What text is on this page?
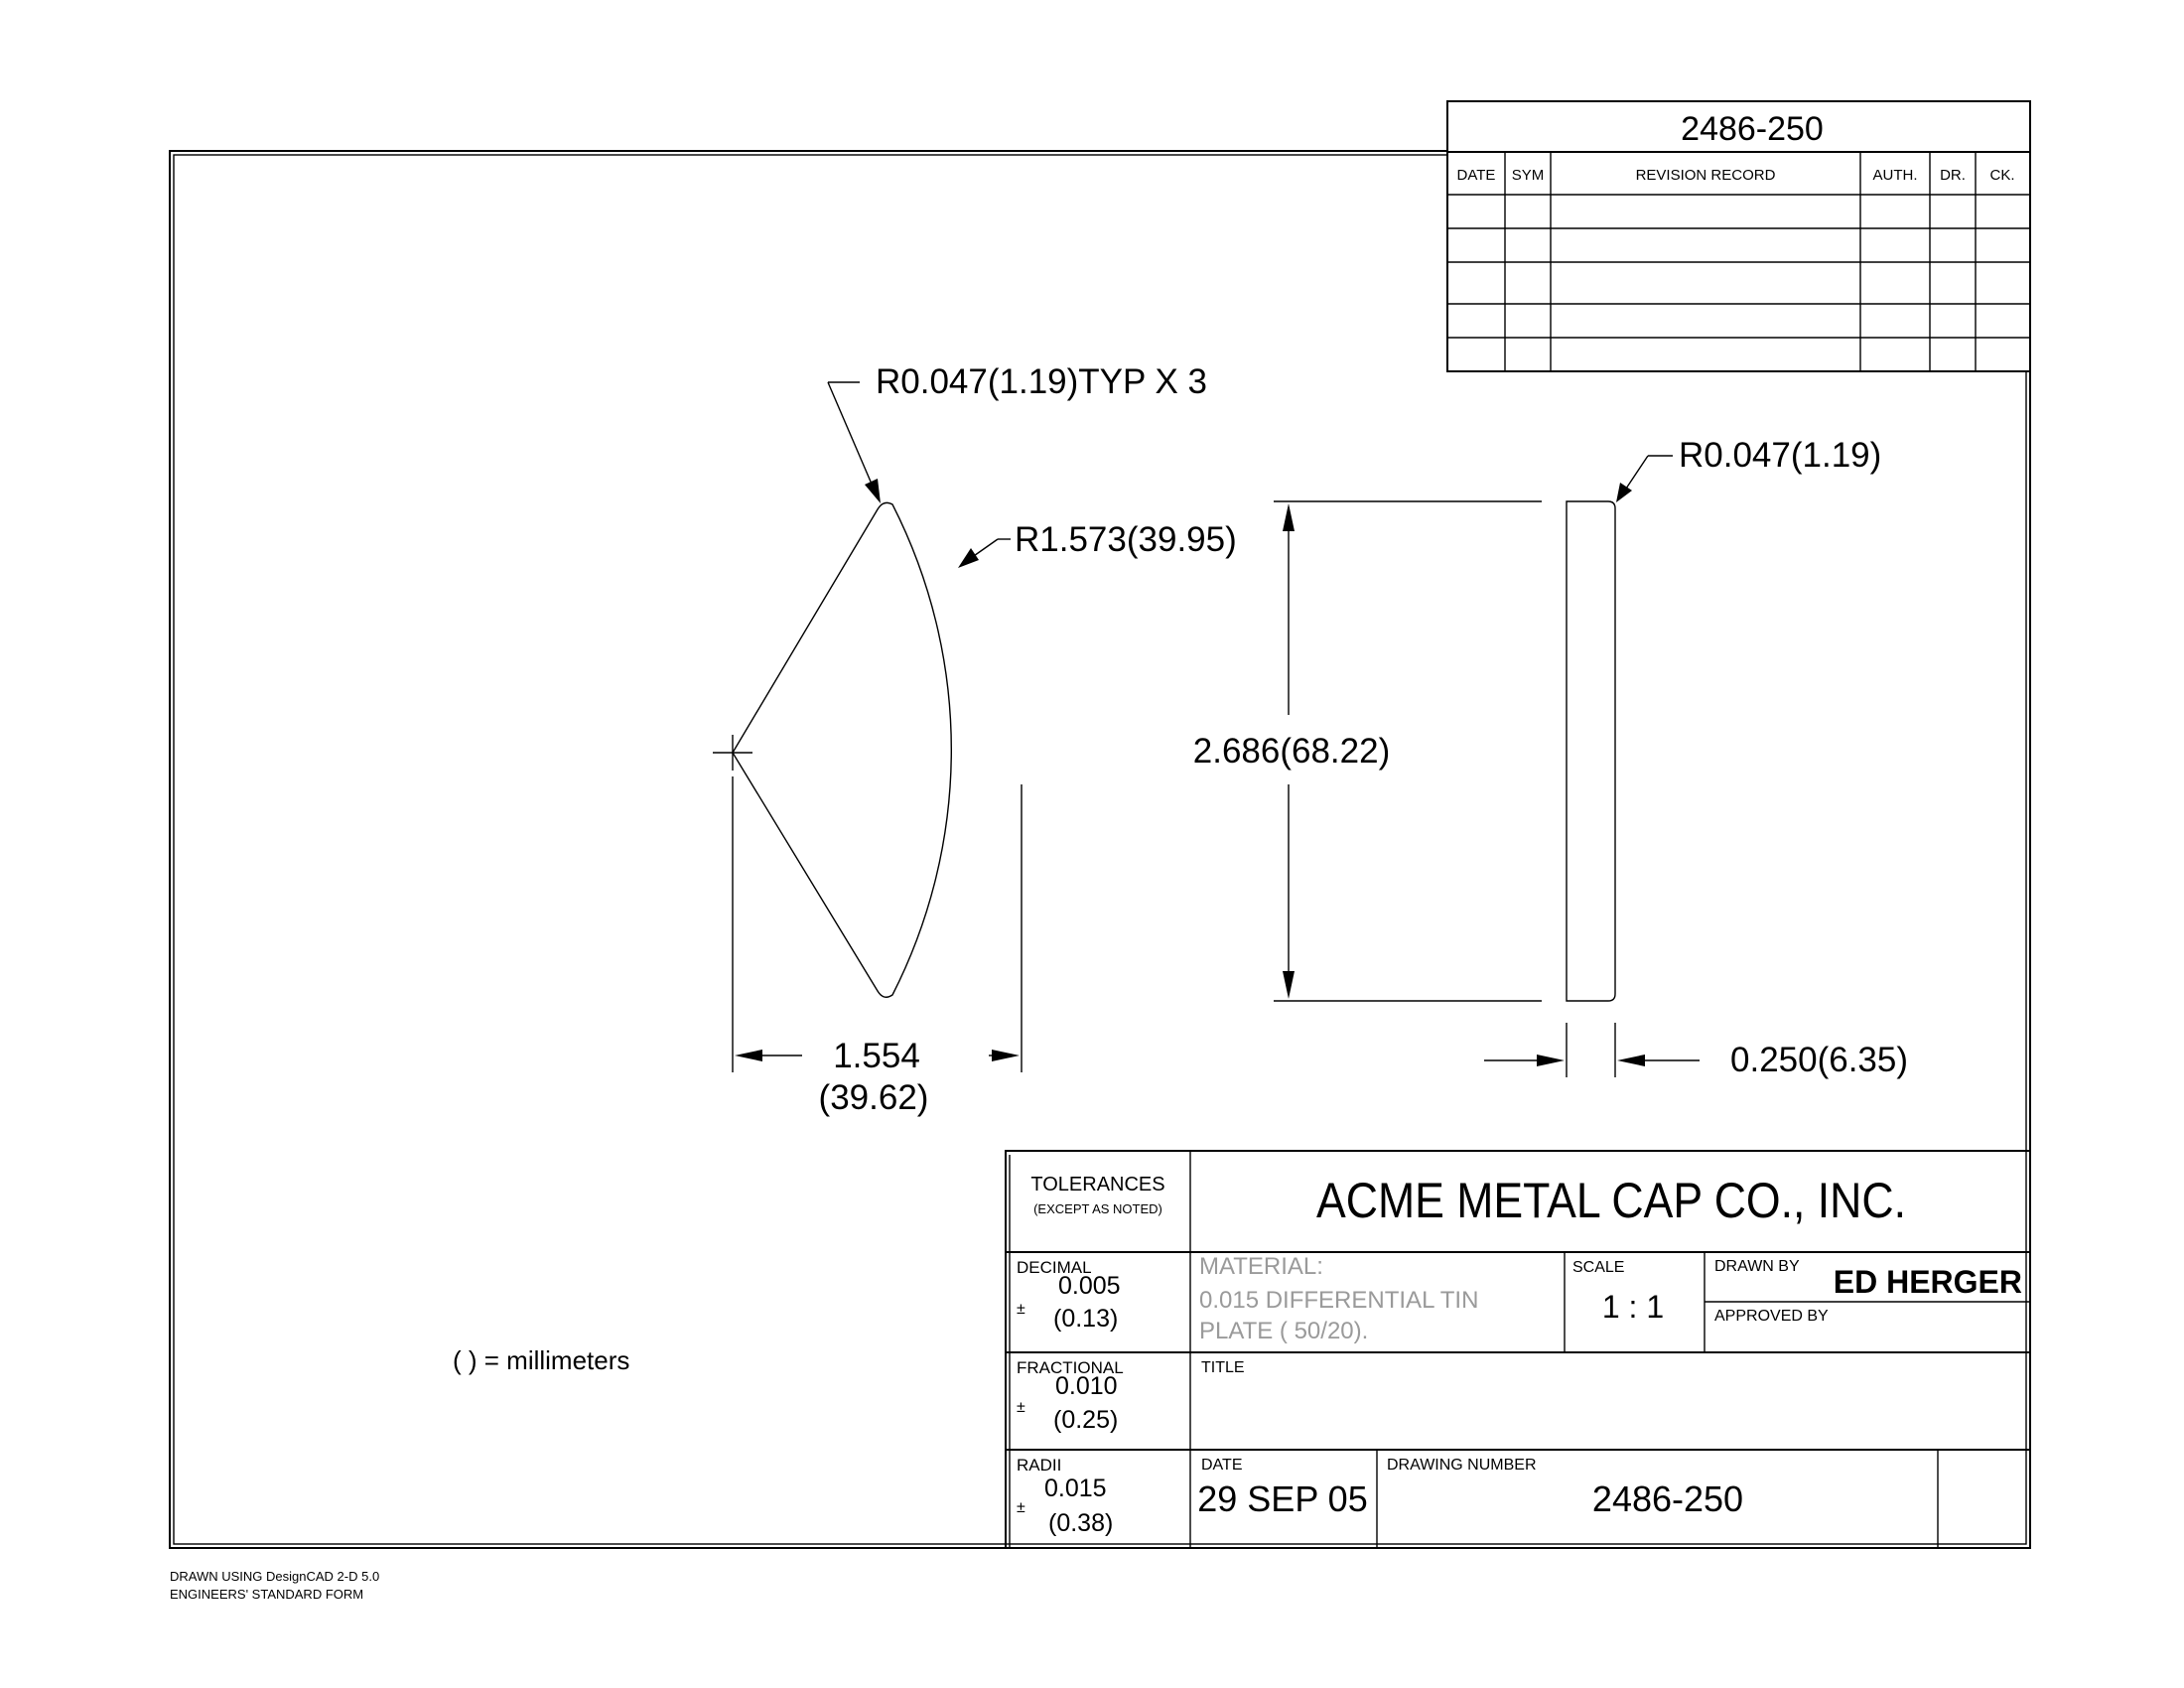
2486-250
DATE SYM	REVISION RECORD	AUTH. DR. CK.
R0.047(1.19)TYP X 3
R1.573(39.95)
1.554
(39.62)
2.686(68.22)
R0.047(1.19)
0.250(6.35)
( ) = millimeters
TOLERANCES
(EXCEPT AS NOTED)	ACME METAL CAP CO., INC.
DECIMAL
±
0.005
(0.13)
FRACTIONAL
±
0.010
(0.25)
RADII
±
0.015
(0.38)
MATERIAL:
0.015 DIFFERENTIAL TIN
PLATE ( 50/20).
SCALE
1 : 1
DRAWN BY ED HERGER
APPROVED BY
TITLE
DATE
29 SEP 05
DRAWING NUMBER
2486-250
DRAWN USING DesignCAD 2-D 5.0
ENGINEERS' STANDARD FORM
